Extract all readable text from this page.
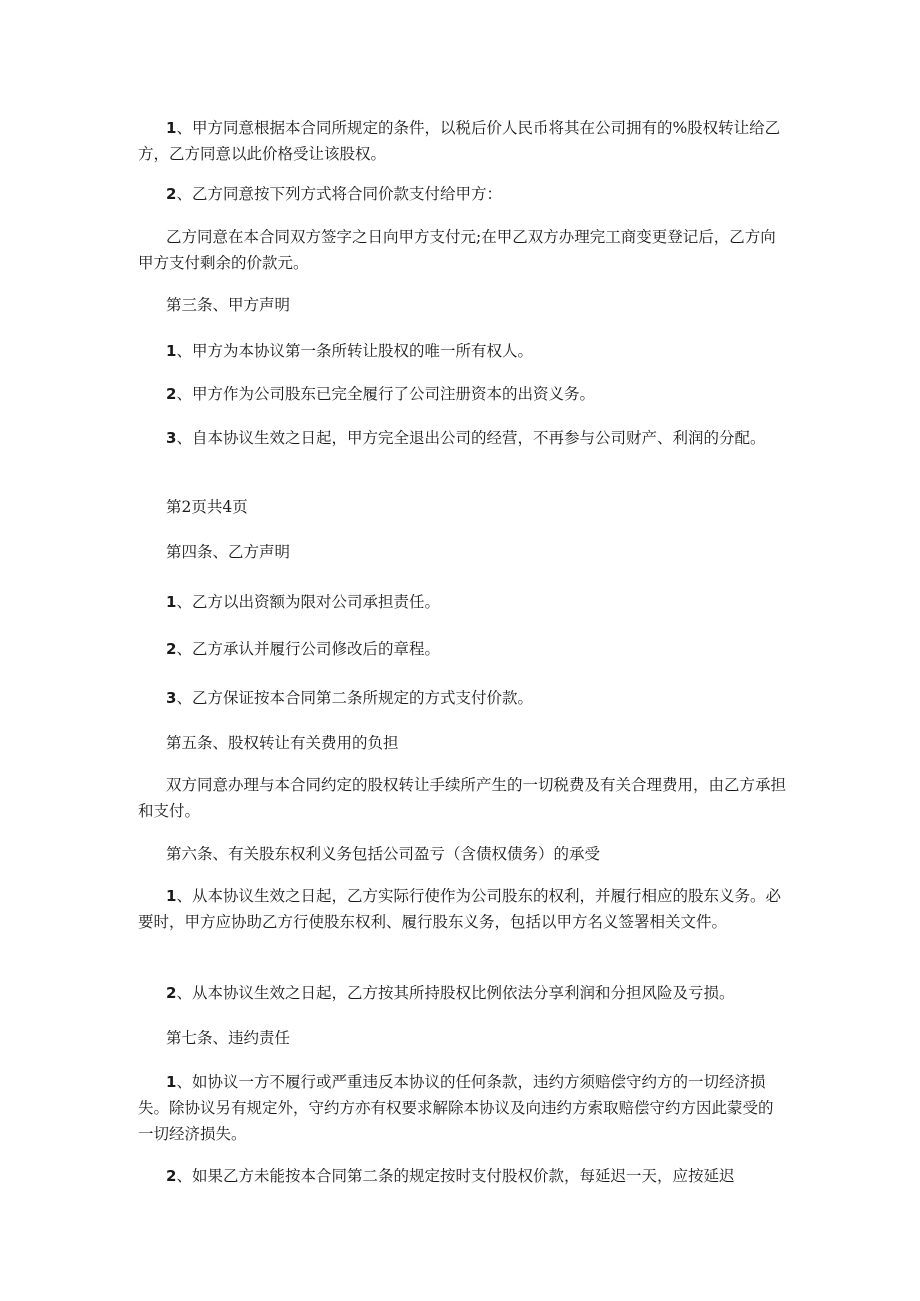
1、甲方同意根据本合同所规定的条件，以税后价人民币将其在公司拥有的%股权转让给乙方，乙方同意以此价格受让该股权。

2、乙方同意按下列方式将合同价款支付给甲方：

乙方同意在本合同双方签字之日向甲方支付元;在甲乙双方办理完工商变更登记后，乙方向甲方支付剩余的价款元。

第三条、甲方声明

1、甲方为本协议第一条所转让股权的唯一所有权人。

2、甲方作为公司股东已完全履行了公司注册资本的出资义务。

3、自本协议生效之日起，甲方完全退出公司的经营，不再参与公司财产、利润的分配。

第2页共4页

第四条、乙方声明

1、乙方以出资额为限对公司承担责任。

2、乙方承认并履行公司修改后的章程。

3、乙方保证按本合同第二条所规定的方式支付价款。

第五条、股权转让有关费用的负担

双方同意办理与本合同约定的股权转让手续所产生的一切税费及有关合理费用，由乙方承担和支付。

第六条、有关股东权利义务包括公司盈亏（含债权债务）的承受

1、从本协议生效之日起，乙方实际行使作为公司股东的权利，并履行相应的股东义务。必要时，甲方应协助乙方行使股东权利、履行股东义务，包括以甲方名义签署相关文件。

2、从本协议生效之日起，乙方按其所持股权比例依法分享利润和分担风险及亏损。

第七条、违约责任

1、如协议一方不履行或严重违反本协议的任何条款，违约方须赔偿守约方的一切经济损失。除协议另有规定外，守约方亦有权要求解除本协议及向违约方索取赔偿守约方因此蒙受的一切经济损失。

2、如果乙方未能按本合同第二条的规定按时支付股权价款，每延迟一天，应按延迟
